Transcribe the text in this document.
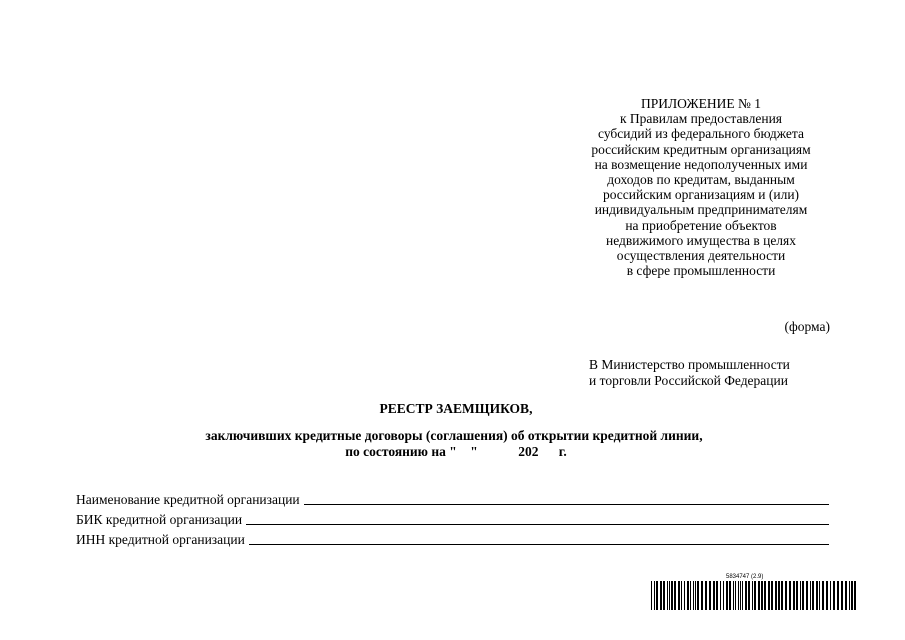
ПРИЛОЖЕНИЕ № 1
к Правилам предоставления
субсидий из федерального бюджета
российским кредитным организациям
на возмещение недополученных ими
доходов по кредитам, выданным
российским организациям и (или)
индивидуальным предпринимателям
на приобретение объектов
недвижимого имущества в целях
осуществления деятельности
в сфере промышленности
(форма)
В Министерство промышленности
и торговли Российской Федерации
РЕЕСТР ЗАЕМЩИКОВ,
заключивших кредитные договоры (соглашения) об открытии кредитной линии,
по состоянию на "    "            202      г.
Наименование кредитной организации
БИК кредитной организации
ИНН кредитной организации
5834747 (2.9)
